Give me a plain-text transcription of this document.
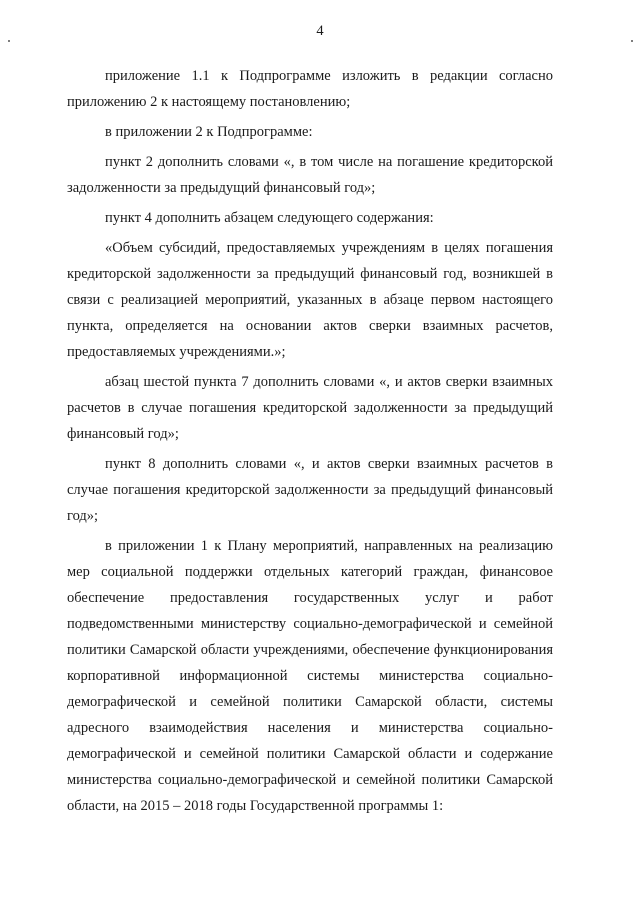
4

приложение 1.1 к Подпрограмме изложить в редакции согласно приложению 2 к настоящему постановлению;

в приложении 2 к Подпрограмме:

пункт 2 дополнить словами «, в том числе на погашение кредиторской задолженности за предыдущий финансовый год»;

пункт 4 дополнить абзацем следующего содержания:

«Объем субсидий, предоставляемых учреждениям в целях погашения кредиторской задолженности за предыдущий финансовый год, возникшей в связи с реализацией мероприятий, указанных в абзаце первом настоящего пункта, определяется на основании актов сверки взаимных расчетов, предоставляемых учреждениями.»;

абзац шестой пункта 7 дополнить словами «, и актов сверки взаимных расчетов в случае погашения кредиторской задолженности за предыдущий финансовый год»;

пункт 8 дополнить словами «, и актов сверки взаимных расчетов в случае погашения кредиторской задолженности за предыдущий финансовый год»;

в приложении 1 к Плану мероприятий, направленных на реализацию мер социальной поддержки отдельных категорий граждан, финансовое обеспечение предоставления государственных услуг и работ подведомственными министерству социально-демографической и семейной политики Самарской области учреждениями, обеспечение функционирования корпоративной информационной системы министерства социально-демографической и семейной политики Самарской области, системы адресного взаимодействия населения и министерства социально-демографической и семейной политики Самарской области и содержание министерства социально-демографической и семейной политики Самарской области, на 2015 – 2018 годы Государственной программы 1:
